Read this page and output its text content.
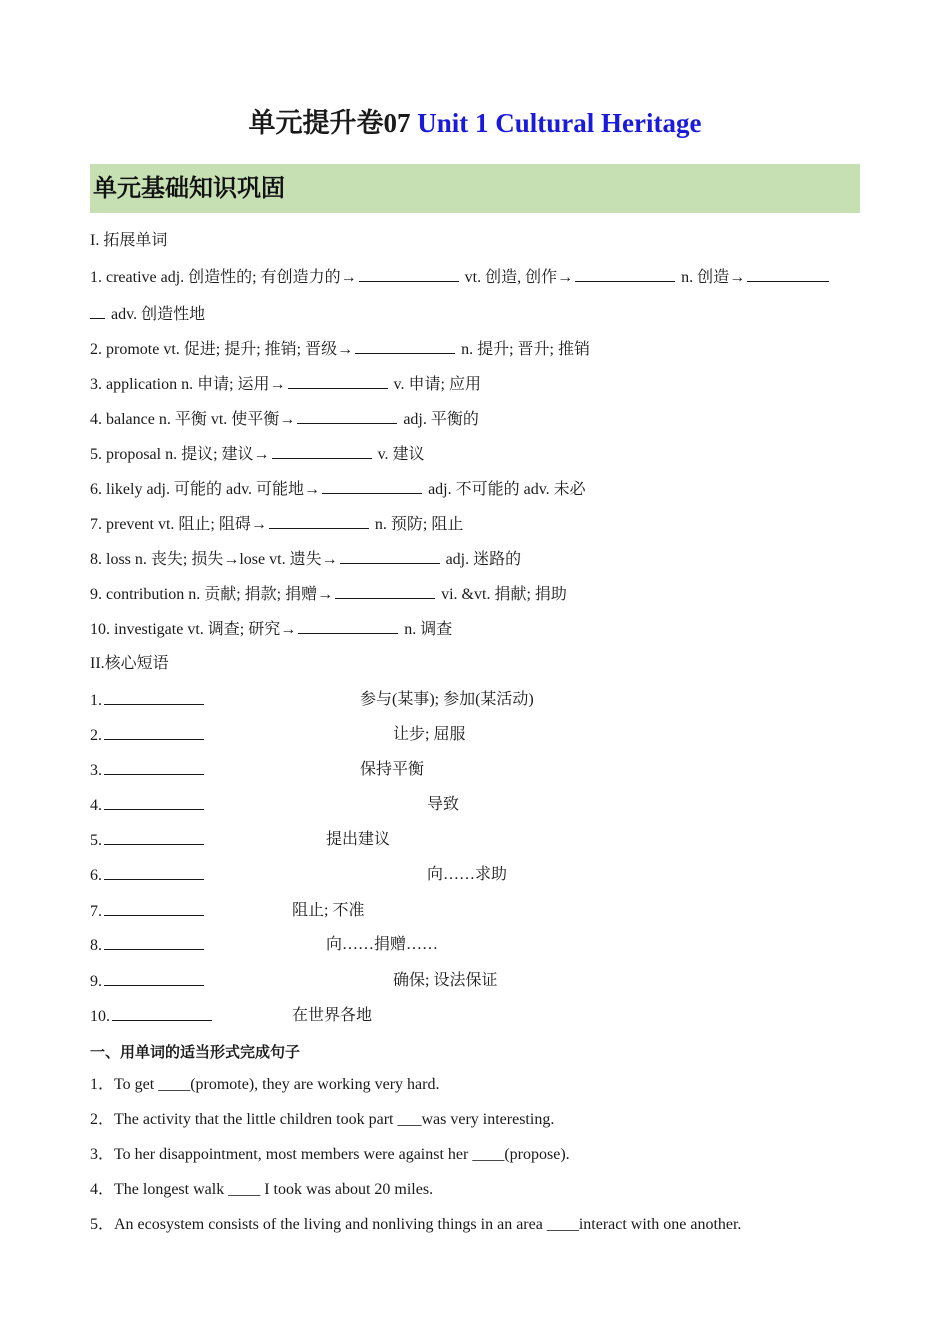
单元提升卷07 Unit 1 Cultural Heritage
单元基础知识巩固
I. 拓展单词
1. creative adj. 创造性的; 有创造力的→	vt. 创造, 创作→	n. 创造→
adv. 创造性地
2. promote vt. 促进; 提升; 推销; 晋级→	n. 提升; 晋升; 推销
3. application n. 申请; 运用→	v. 申请; 应用
4. balance n. 平衡 vt. 使平衡→	adj. 平衡的
5. proposal n. 提议; 建议→	v. 建议
6. likely adj. 可能的 adv. 可能地→	adj. 不可能的 adv. 未必
7. prevent vt. 阻止; 阻碍→	n. 预防; 阻止
8. loss n. 丧失; 损失→lose vt. 遗失→	adj. 迷路的
9. contribution n. 贡献; 捐款; 捐赠→	vi. &vt. 捐献; 捐助
10. investigate vt. 调查; 研究→	n. 调查
II.核心短语
1.	参与(某事); 参加(某活动)
2.	让步; 屈服
3.	保持平衡
4.	导致
5.	提出建议
6.	向……求助
7.	阻止; 不准
8.	向……捐赠……
9.	确保; 设法保证
10.	在世界各地
一、用单词的适当形式完成句子
1．To get ____(promote), they are working very hard.
2．The activity that the little children took part ___was very interesting.
3．To her disappointment, most members were against her ____(propose).
4．The longest walk ____ I took was about 20 miles.
5．An ecosystem consists of the living and nonliving things in an area ____interact with one another.
